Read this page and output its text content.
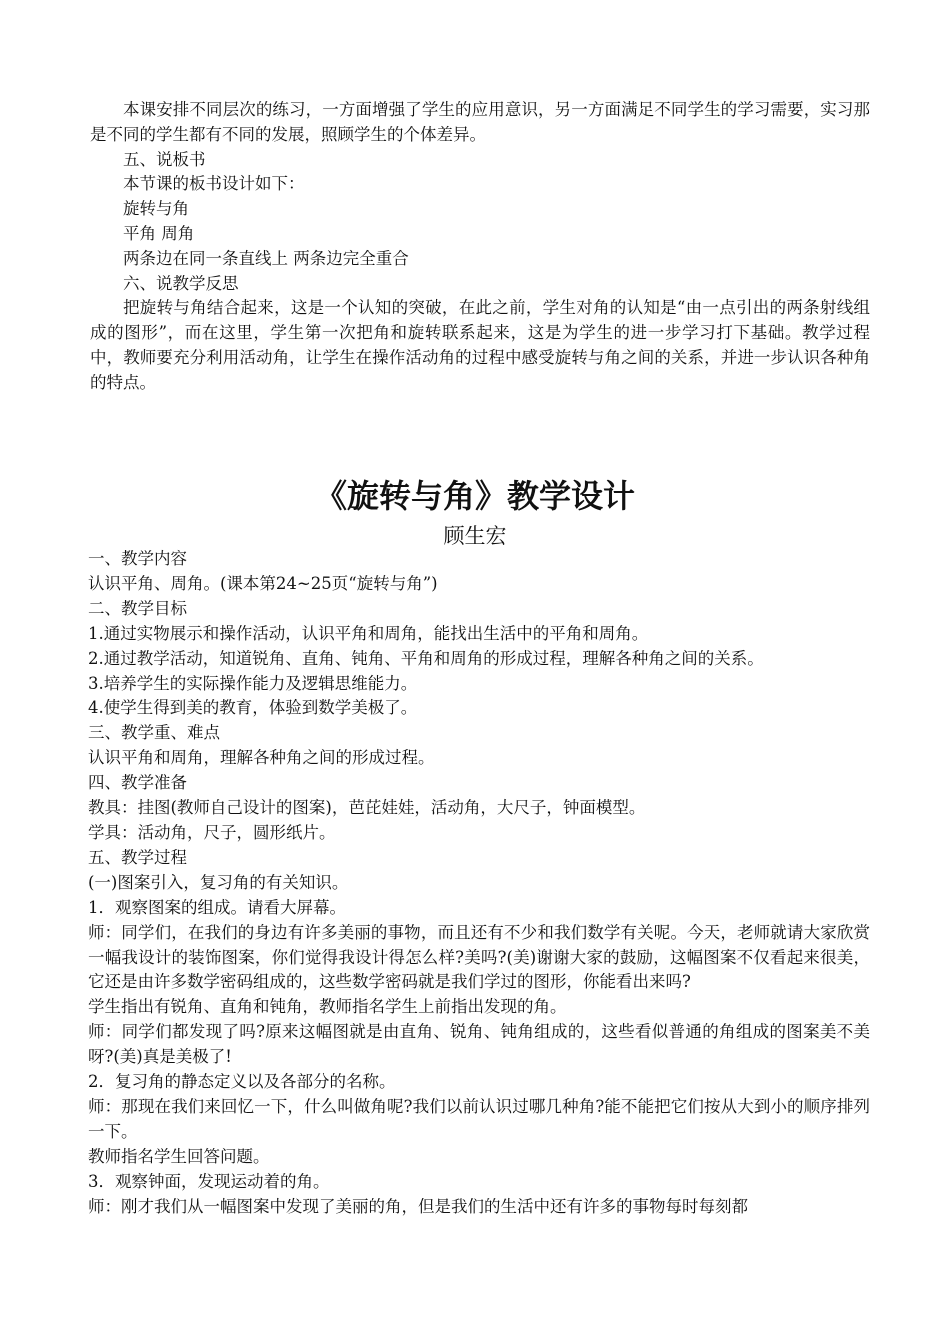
本课安排不同层次的练习，一方面增强了学生的应用意识，另一方面满足不同学生的学习需要，实习那是不同的学生都有不同的发展，照顾学生的个体差异。

五、说板书

本节课的板书设计如下：

旋转与角

平角 周角

两条边在同一条直线上 两条边完全重合

六、说教学反思

把旋转与角结合起来，这是一个认知的突破，在此之前，学生对角的认知是“由一点引出的两条射线组成的图形”，而在这里，学生第一次把角和旋转联系起来，这是为学生的进一步学习打下基础。教学过程中，教师要充分利用活动角，让学生在操作活动角的过程中感受旋转与角之间的关系，并进一步认识各种角的特点。

《旋转与角》教学设计

顾生宏

一、教学内容

认识平角、周角。(课本第24~25页“旋转与角”)

二、教学目标

1.通过实物展示和操作活动，认识平角和周角，能找出生活中的平角和周角。

2.通过教学活动，知道锐角、直角、钝角、平角和周角的形成过程，理解各种角之间的关系。

3.培养学生的实际操作能力及逻辑思维能力。

4.使学生得到美的教育，体验到数学美极了。

三、教学重、难点

认识平角和周角，理解各种角之间的形成过程。

四、教学准备

教具：挂图(教师自己设计的图案)，芭芘娃娃，活动角，大尺子，钟面模型。

学具：活动角，尺子，圆形纸片。

五、教学过程

(一)图案引入，复习角的有关知识。

1．观察图案的组成。请看大屏幕。

师：同学们，在我们的身边有许多美丽的事物，而且还有不少和我们数学有关呢。今天，老师就请大家欣赏一幅我设计的装饰图案，你们觉得我设计得怎么样?美吗?(美)谢谢大家的鼓励，这幅图案不仅看起来很美，它还是由许多数学密码组成的，这些数学密码就是我们学过的图形，你能看出来吗?

学生指出有锐角、直角和钝角，教师指名学生上前指出发现的角。

师：同学们都发现了吗?原来这幅图就是由直角、锐角、钝角组成的，这些看似普通的角组成的图案美不美呀?(美)真是美极了!

2．复习角的静态定义以及各部分的名称。

师：那现在我们来回忆一下，什么叫做角呢?我们以前认识过哪几种角?能不能把它们按从大到小的顺序排列一下。

教师指名学生回答问题。

3．观察钟面，发现运动着的角。

师：刚才我们从一幅图案中发现了美丽的角，但是我们的生活中还有许多的事物每时每刻都
